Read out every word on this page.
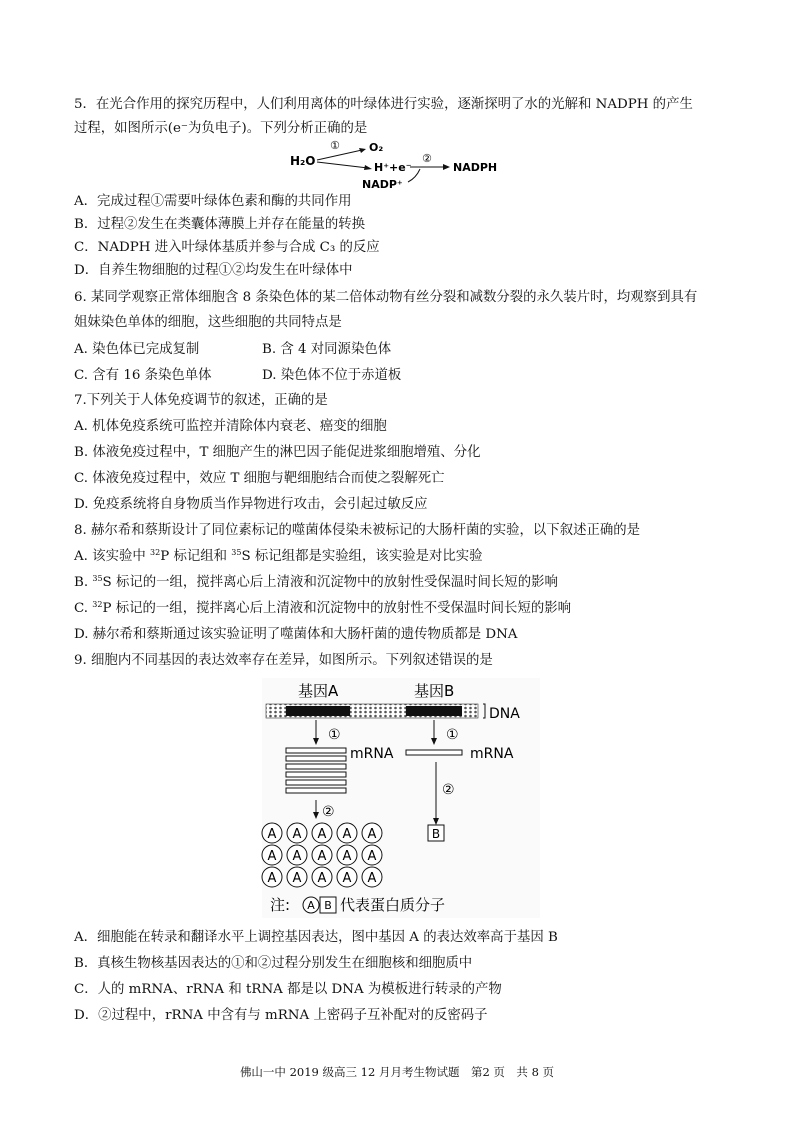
5．在光合作用的探究历程中，人们利用离体的叶绿体进行实验，逐渐探明了水的光解和 NADPH 的产生
过程，如图所示(e⁻为负电子)。下列分析正确的是
H₂O
①	O₂
H⁺+e⁻
②
NADPH
NADP⁺
A．完成过程①需要叶绿体色素和酶的共同作用
B．过程②发生在类囊体薄膜上并存在能量的转换
C．NADPH 进入叶绿体基质并参与合成 C₃ 的反应
D．自养生物细胞的过程①②均发生在叶绿体中
6. 某同学观察正常体细胞含 8 条染色体的某二倍体动物有丝分裂和减数分裂的永久装片时，均观察到具有
姐妹染色单体的细胞，这些细胞的共同特点是
A. 染色体已完成复制	B. 含 4 对同源染色体
C. 含有 16 条染色单体	D. 染色体不位于赤道板
7.下列关于人体免疫调节的叙述，正确的是
A. 机体免疫系统可监控并清除体内衰老、癌变的细胞
B. 体液免疫过程中，T 细胞产生的淋巴因子能促进浆细胞增殖、分化
C. 体液免疫过程中，效应 T 细胞与靶细胞结合而使之裂解死亡
D. 免疫系统将自身物质当作异物进行攻击，会引起过敏反应
8. 赫尔希和蔡斯设计了同位素标记的噬菌体侵染未被标记的大肠杆菌的实验，以下叙述正确的是
A. 该实验中 $^{32}$P 标记组和 $^{35}$S 标记组都是实验组，该实验是对比实验
B. $^{35}$S 标记的一组，搅拌离心后上清液和沉淀物中的放射性受保温时间长短的影响
C. $^{32}$P 标记的一组，搅拌离心后上清液和沉淀物中的放射性不受保温时间长短的影响
D. 赫尔希和蔡斯通过该实验证明了噬菌体和大肠杆菌的遗传物质都是 DNA
9. 细胞内不同基因的表达效率存在差异，如图所示。下列叙述错误的是
基因A	基因B
DNA
①	①
mRNA	mRNA
②
②
A A A A A
A A A A A
A A A A A
B
注: A B 代表蛋白质分子
A．细胞能在转录和翻译水平上调控基因表达，图中基因 A 的表达效率高于基因 B
B．真核生物核基因表达的①和②过程分别发生在细胞核和细胞质中
C．人的 mRNA、rRNA 和 tRNA 都是以 DNA 为模板进行转录的产物
D．②过程中，rRNA 中含有与 mRNA 上密码子互补配对的反密码子
佛山一中 2019 级高三 12 月月考生物试题　第2 页　共 8 页
